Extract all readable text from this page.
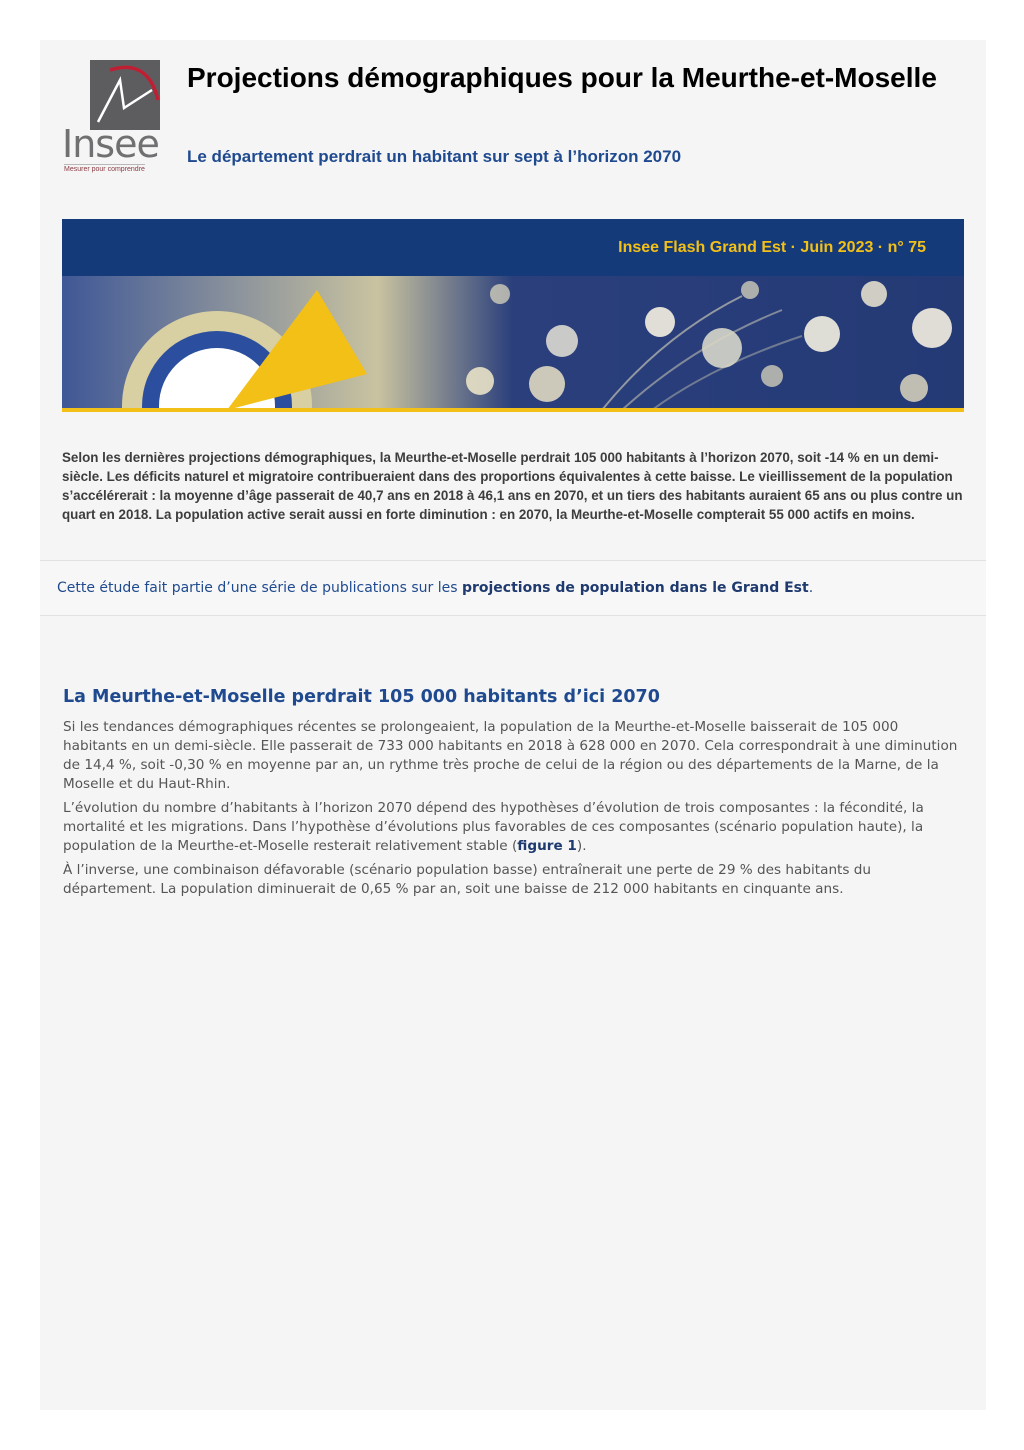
Insee
Mesurer pour comprendre
Projections démographiques pour la Meurthe-et-Moselle
Le département perdrait un habitant sur sept à l’horizon 2070
Insee Flash Grand Est · Juin 2023 · n° 75

Selon les dernières projections démographiques, la Meurthe-et-Moselle perdrait 105 000 habitants à l’horizon 2070, soit -14 % en un demi-siècle. Les déficits naturel et migratoire contribueraient dans des proportions équivalentes à cette baisse. Le vieillissement de la population s’accélérerait : la moyenne d’âge passerait de 40,7 ans en 2018 à 46,1 ans en 2070, et un tiers des habitants auraient 65 ans ou plus contre un quart en 2018. La population active serait aussi en forte diminution : en 2070, la Meurthe-et-Moselle compterait 55 000 actifs en moins.

Cette étude fait partie d’une série de publications sur les projections de population dans le Grand Est.

La Meurthe-et-Moselle perdrait 105 000 habitants d’ici 2070

Si les tendances démographiques récentes se prolongeaient, la population de la Meurthe-et-Moselle baisserait de 105 000 habitants en un demi-siècle. Elle passerait de 733 000 habitants en 2018 à 628 000 en 2070. Cela correspondrait à une diminution de 14,4 %, soit -0,30 % en moyenne par an, un rythme très proche de celui de la région ou des départements de la Marne, de la Moselle et du Haut-Rhin.

L’évolution du nombre d’habitants à l’horizon 2070 dépend des hypothèses d’évolution de trois composantes : la fécondité, la mortalité et les migrations. Dans l’hypothèse d’évolutions plus favorables de ces composantes (scénario population haute), la population de la Meurthe-et-Moselle resterait relativement stable (figure 1).

À l’inverse, une combinaison défavorable (scénario population basse) entraînerait une perte de 29 % des habitants du département. La population diminuerait de 0,65 % par an, soit une baisse de 212 000 habitants en cinquante ans.
